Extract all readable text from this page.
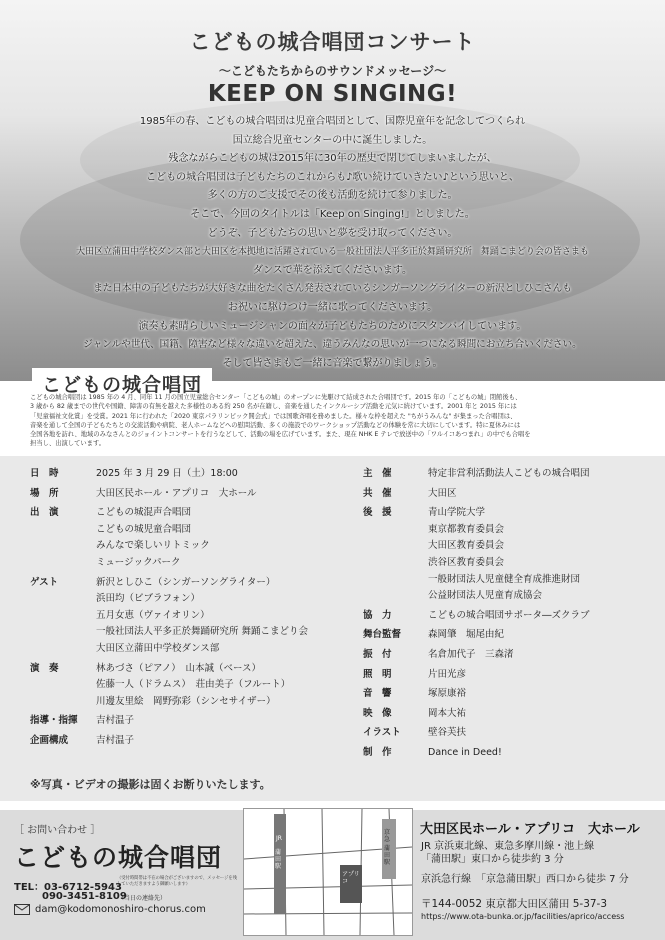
こどもの城合唱団コンサート
～こどもたちからのサウンドメッセージ～
KEEP ON SINGING!

1985年の春、こどもの城合唱団は児童合唱団として、国際児童年を記念してつくられ

国立総合児童センターの中に誕生しました。

残念ながらこどもの城は2015年に30年の歴史で閉じてしまいましたが、

こどもの城合唱団は子どもたちのこれからも♪歌い続けていきたい♪という思いと、

多くの方のご支援でその後も活動を続けて参りました。

そこで、今回のタイトルは「Keep on Singing!」としました。

どうぞ、子どもたちの思いと夢を受け取ってください。

大田区立蒲田中学校ダンス部と大田区を本拠地に活躍されている一般社団法人平多正於舞踊研究所　舞踊こまどり会の皆さまも

ダンスで華を添えてくださいます。

また日本中の子どもたちが大好きな曲をたくさん発表されているシンガーソングライターの新沢としひこさんも

お祝いに駆けつけ一緒に歌ってくださいます。

演奏も素晴らしいミュージシャンの面々が子どもたちのためにスタンバイしています。

ジャンルや世代、国籍、障害など様々な違いを超えた、違うみんなの思いが一つになる瞬間にお立ち合いください。

そして皆さまもご一緒に音楽で繋がりましょう。

こどもの城合唱団
こどもの城合唱団は 1985 年の 4 月、同年 11 月の国立児童総合センター「こどもの城」のオープンに先駆けて結成された合唱団です。2015 年の「こどもの城」閉館後も、
3 歳から 82 歳までの世代や国籍、障害の有無を越えた多様性のある約 250 名が在籍し、音楽を通したインクルーシブ活動を元気に続けています。2001 年と 2015 年には
「児童福祉文化賞」を受賞。2021 年に行われた「2020 東京パラリンピック開会式」では国歌斉唱を務めました。様々な枠を超えた "ちがうみんな" が集まった合唱団は、
音楽を通して全国の子どもたちとの交流活動や病院、老人ホームなどへの慰問活動、多くの施設でのワークショップ活動などの体験を常に大切にしています。特に夏休みには
全国各地を訪れ、地域のみなさんとのジョイントコンサートを行うなどして、活動の場を広げています。また、現在 NHK E テレで放送中の「ワルイコあつまれ」の中でも合唱を
担当し、出演しています。
日　時	2025 年 3 月 29 日（土）18:00
場　所	大田区民ホール・アプリコ　大ホール
出　演	こどもの城混声合唱団
こどもの城児童合唱団
みんなで楽しいリトミック
ミュージックパーク
ゲスト	新沢としひこ（シンガーソングライター）
浜田均（ビブラフォン）
五月女恵（ヴァイオリン）
一般社団法人平多正於舞踊研究所 舞踊こまどり会
大田区立蒲田中学校ダンス部
演　奏	林あづさ（ピアノ）　山本誠（ベース）
佐藤一人（ドラムス）　荘由美子（フルート）
川邊友里絵　岡野弥彩（シンセサイザー）
指導・指揮	吉村温子
企画構成	吉村温子
主　催	特定非営利活動法人こどもの城合唱団
共　催	大田区
後　援	青山学院大学
東京都教育委員会
大田区教育委員会
渋谷区教育委員会
一般財団法人児童健全育成推進財団
公益財団法人児童育成協会
協　力	こどもの城合唱団サポータ―ズクラブ
舞台監督	森岡肇　堀尾由紀
振　付	名倉加代子　三森渚
照　明	片田光彦
音　響	塚原康裕
映　像	岡本大祐
イラスト	壁谷芙扶
制　作	Dance in Deed!
※写真・ビデオの撮影は固くお断りいたします。
［ お問い合わせ ］
こどもの城合唱団
TEL：03-6712-5943
（受付時間帯は不在の場合がございますので、メッセージを残していただきますよう御願いします）
090-3451-8109
（当日の連絡先）
dam@kodomonoshiro-chorus.com
JR
蒲田駅
京急
蒲田駅
アプリコ
大田区民ホール・アプリコ　大ホール
JR 京浜東北線、東急多摩川線・池上線
「蒲田駅」東口から徒歩約 3 分
京浜急行線　「京急蒲田駅」西口から徒歩 7 分
〒144-0052 東京都大田区蒲田 5-37-3
https://www.ota-bunka.or.jp/facilities/aprico/access
